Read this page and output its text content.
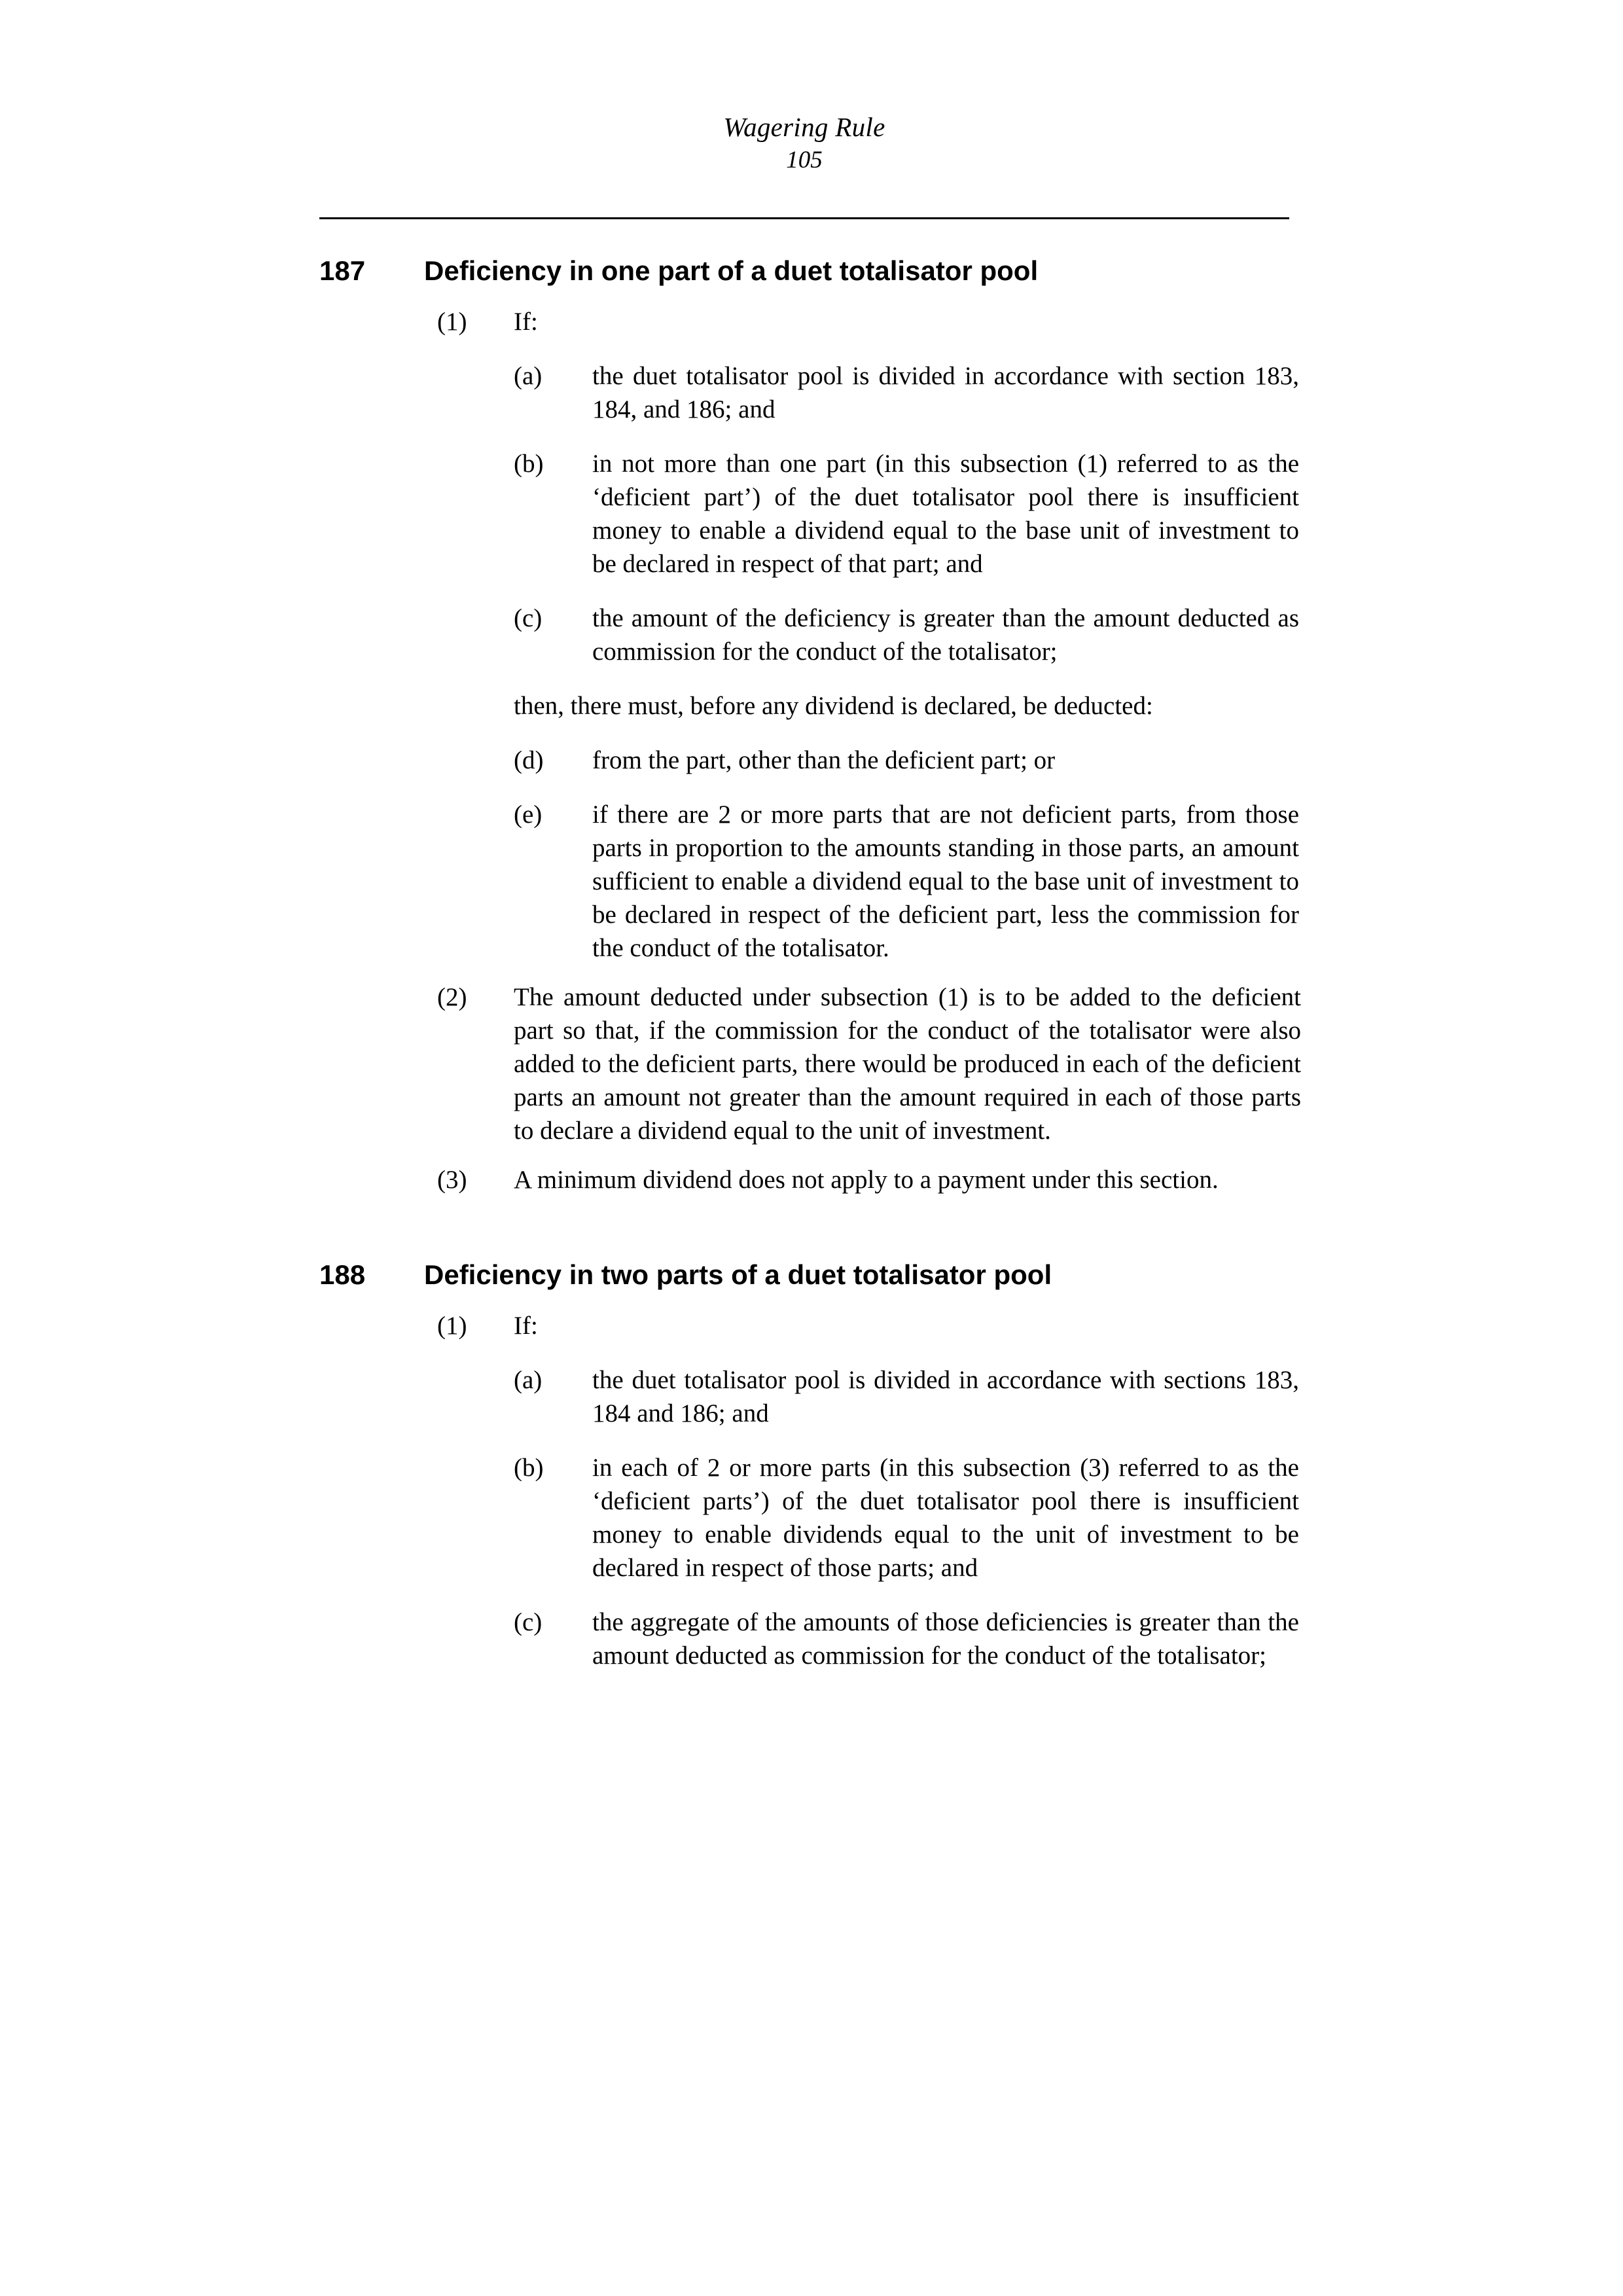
Wagering Rule
105
187	Deficiency in one part of a duet totalisator pool
(1)	If:
(a)	the duet totalisator pool is divided in accordance with section 183, 184, and 186; and
(b)	in not more than one part (in this subsection (1) referred to as the ‘deficient part’) of the duet totalisator pool there is insufficient money to enable a dividend equal to the base unit of investment to be declared in respect of that part; and
(c)	the amount of the deficiency is greater than the amount deducted as commission for the conduct of the totalisator;
then, there must, before any dividend is declared, be deducted:
(d)	from the part, other than the deficient part; or
(e)	if there are 2 or more parts that are not deficient parts, from those parts in proportion to the amounts standing in those parts, an amount sufficient to enable a dividend equal to the base unit of investment to be declared in respect of the deficient part, less the commission for the conduct of the totalisator.
(2)	The amount deducted under subsection (1) is to be added to the deficient part so that, if the commission for the conduct of the totalisator were also added to the deficient parts, there would be produced in each of the deficient parts an amount not greater than the amount required in each of those parts to declare a dividend equal to the unit of investment.
(3)	A minimum dividend does not apply to a payment under this section.
188	Deficiency in two parts of a duet totalisator pool
(1)	If:
(a)	the duet totalisator pool is divided in accordance with sections 183, 184 and 186; and
(b)	in each of 2 or more parts (in this subsection (3) referred to as the ‘deficient parts’) of the duet totalisator pool there is insufficient money to enable dividends equal to the unit of investment to be declared in respect of those parts; and
(c)	the aggregate of the amounts of those deficiencies is greater than the amount deducted as commission for the conduct of the totalisator;
